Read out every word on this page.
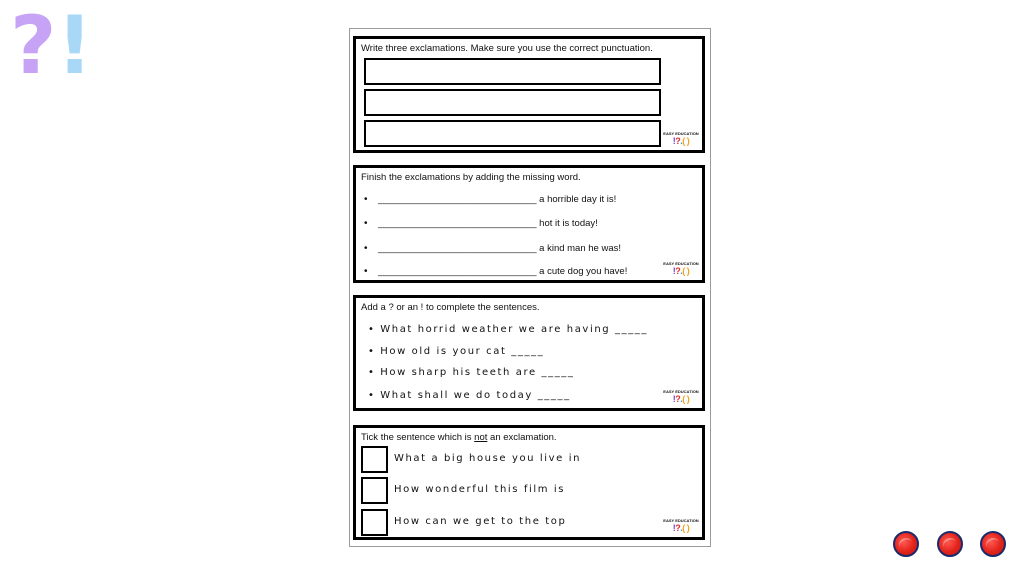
?!	Write three exclamations. Make sure you use the correct punctuation.
EASY EDUCATION
!?.( )
Finish the exclamations by adding the missing word.
• ______________________________ a horrible day it is!
• ______________________________ hot it is today!
• ______________________________ a kind man he was!
• ______________________________ a cute dog you have!
EASY EDUCATION
!?.( )
Add a ? or an ! to complete the sentences.
• What horrid weather we are having _____
• How old is your cat _____
• How sharp his teeth are _____
• What shall we do today _____	EASY EDUCATION
!?.( )
Tick the sentence which is not an exclamation.
What a big house you live in
How wonderful this film is
How can we get to the top	EASY EDUCATION
!?.( )
